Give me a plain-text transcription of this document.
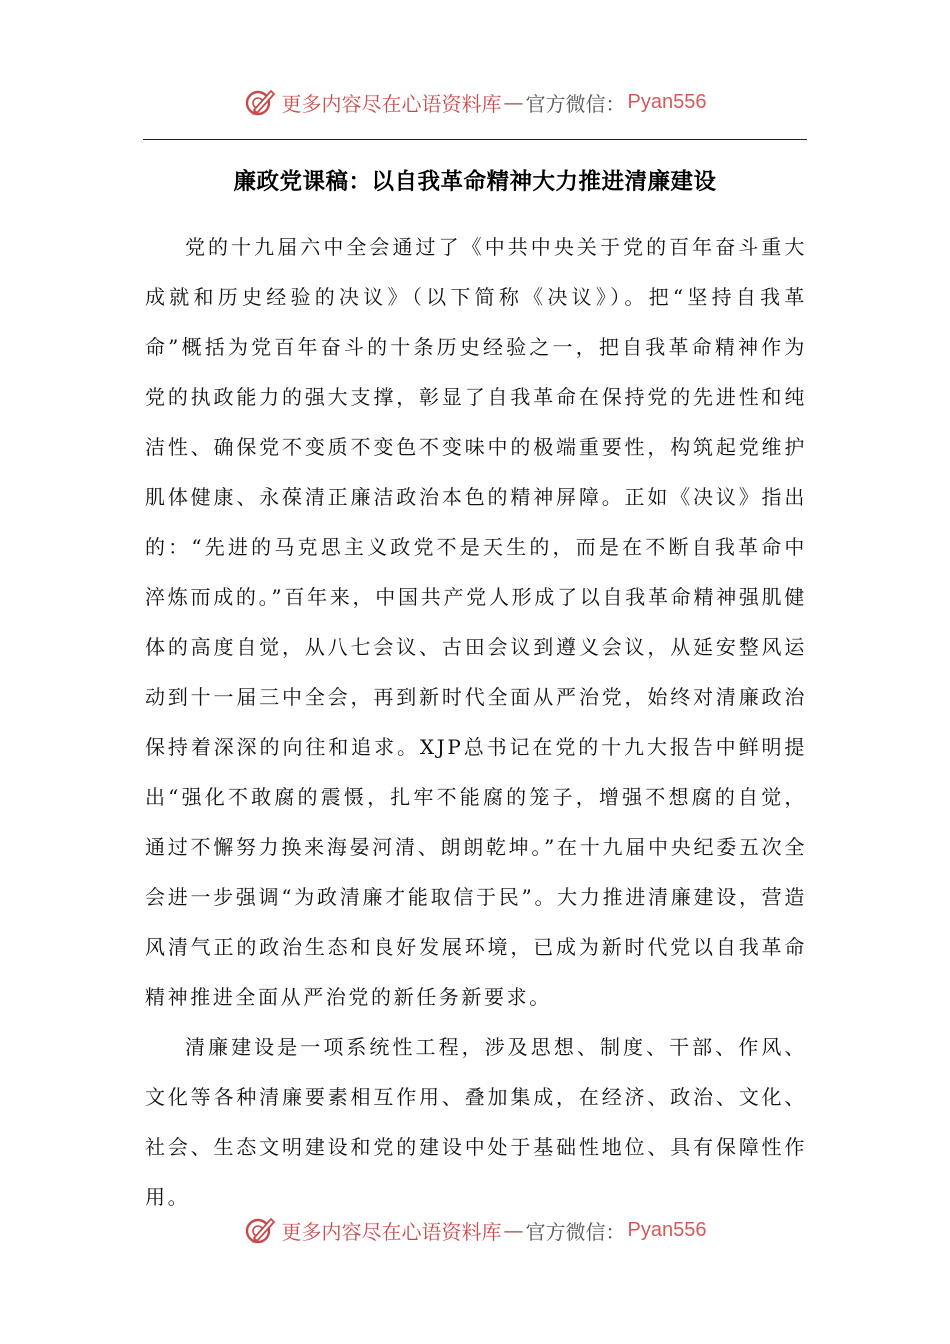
更多内容尽在心语资料库 — 官方微信： Pyan556
廉政党课稿：以自我革命精神大力推进清廉建设

党的十九届六中全会通过了《中共中央关于党的百年奋斗重大成就和历史经验的决议》（以下简称《决议》）。把“坚持自我革命”概括为党百年奋斗的十条历史经验之一，把自我革命精神作为党的执政能力的强大支撑，彰显了自我革命在保持党的先进性和纯洁性、确保党不变质不变色不变味中的极端重要性，构筑起党维护肌体健康、永葆清正廉洁政治本色的精神屏障。正如《决议》指出的：“先进的马克思主义政党不是天生的，而是在不断自我革命中淬炼而成的。”百年来，中国共产党人形成了以自我革命精神强肌健体的高度自觉，从八七会议、古田会议到遵义会议，从延安整风运动到十一届三中全会，再到新时代全面从严治党，始终对清廉政治保持着深深的向往和追求。XJP总书记在党的十九大报告中鲜明提出“强化不敢腐的震慑，扎牢不能腐的笼子，增强不想腐的自觉，通过不懈努力换来海晏河清、朗朗乾坤。”在十九届中央纪委五次全会进一步强调“为政清廉才能取信于民”。大力推进清廉建设，营造风清气正的政治生态和良好发展环境，已成为新时代党以自我革命精神推进全面从严治党的新任务新要求。

清廉建设是一项系统性工程，涉及思想、制度、干部、作风、文化等各种清廉要素相互作用、叠加集成，在经济、政治、文化、社会、生态文明建设和党的建设中处于基础性地位、具有保障性作用。

更多内容尽在心语资料库 — 官方微信： Pyan556
